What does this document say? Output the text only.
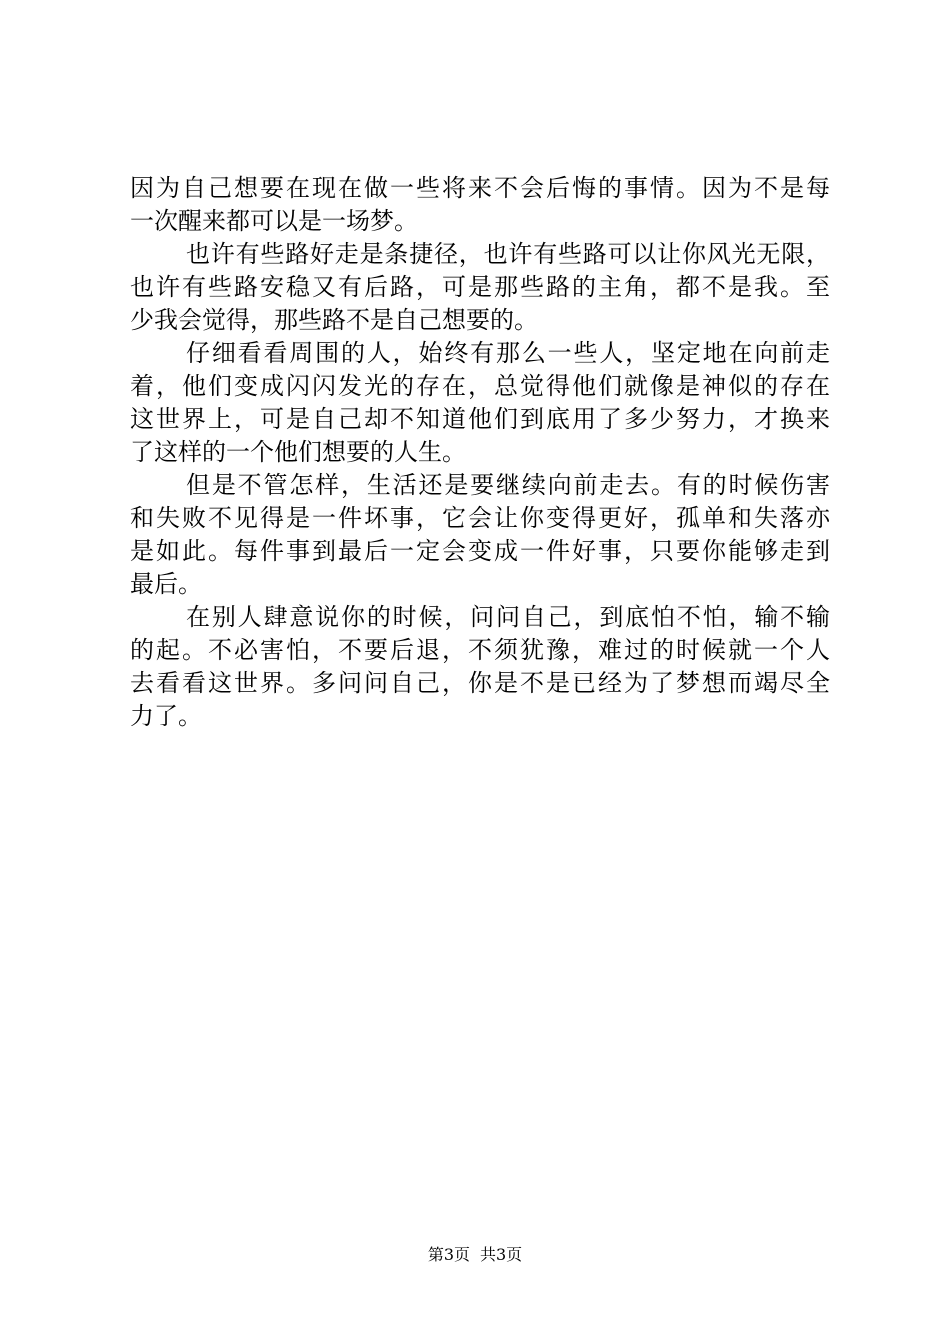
因为自己想要在现在做一些将来不会后悔的事情。因为不是每
一次醒来都可以是一场梦。
也许有些路好走是条捷径，也许有些路可以让你风光无限，
也许有些路安稳又有后路，可是那些路的主角，都不是我。至
少我会觉得，那些路不是自己想要的。
仔细看看周围的人，始终有那么一些人，坚定地在向前走
着，他们变成闪闪发光的存在，总觉得他们就像是神似的存在
这世界上，可是自己却不知道他们到底用了多少努力，才换来
了这样的一个他们想要的人生。
但是不管怎样，生活还是要继续向前走去。有的时候伤害
和失败不见得是一件坏事，它会让你变得更好，孤单和失落亦
是如此。每件事到最后一定会变成一件好事，只要你能够走到
最后。
在别人肆意说你的时候，问问自己，到底怕不怕，输不输
的起。不必害怕，不要后退，不须犹豫，难过的时候就一个人
去看看这世界。多问问自己，你是不是已经为了梦想而竭尽全
力了。
第3页 共3页
